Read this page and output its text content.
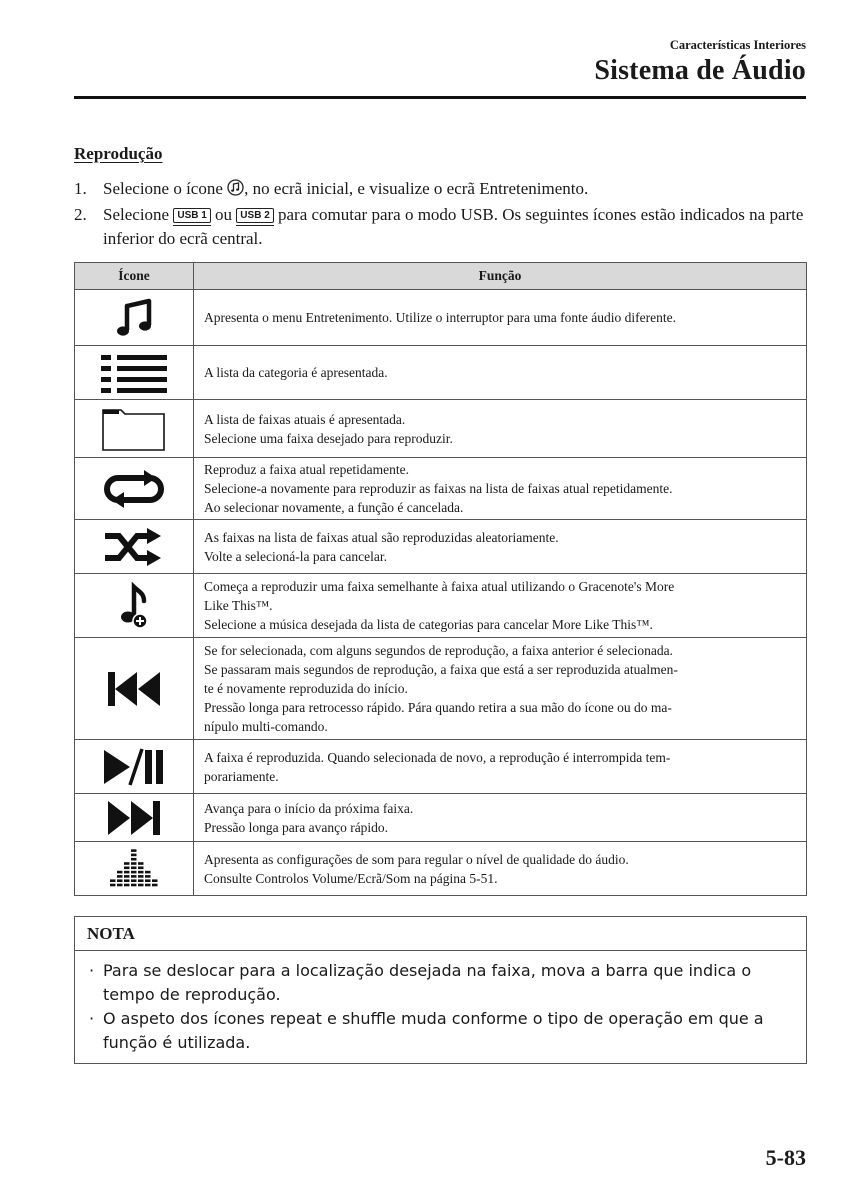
Características Interiores
Sistema de Áudio
Reprodução
1. Selecione o ícone , no ecrã inicial, e visualize o ecrã Entretenimento.
2. Selecione USB 1 ou USB 2 para comutar para o modo USB. Os seguintes ícones estão indicados na parte inferior do ecrã central.
Ícone	Função

Apresenta o menu Entretenimento. Utilize o interruptor para uma fonte áudio diferente.

A lista da categoria é apresentada.

A lista de faixas atuais é apresentada.
Selecione uma faixa desejado para reproduzir.

Reproduz a faixa atual repetidamente.
Selecione-a novamente para reproduzir as faixas na lista de faixas atual repetidamente.
Ao selecionar novamente, a função é cancelada.

As faixas na lista de faixas atual são reproduzidas aleatoriamente.
Volte a selecioná-la para cancelar.

Começa a reproduzir uma faixa semelhante à faixa atual utilizando o Gracenote's More
Like This™.
Selecione a música desejada da lista de categorias para cancelar More Like This™.

Se for selecionada, com alguns segundos de reprodução, a faixa anterior é selecionada.
Se passaram mais segundos de reprodução, a faixa que está a ser reproduzida atualmen-
te é novamente reproduzida do início.
Pressão longa para retrocesso rápido. Pára quando retira a sua mão do ícone ou do ma-
nípulo multi-comando.

A faixa é reproduzida. Quando selecionada de novo, a reprodução é interrompida tem-
porariamente.

Avança para o início da próxima faixa.
Pressão longa para avanço rápido.

Apresenta as configurações de som para regular o nível de qualidade do áudio.
Consulte Controlos Volume/Ecrã/Som na página 5-51.
NOTA
· Para se deslocar para a localização desejada na faixa, mova a barra que indica o tempo de reprodução.
· O aspeto dos ícones repeat e shuffle muda conforme o tipo de operação em que a função é utilizada.
5-83
